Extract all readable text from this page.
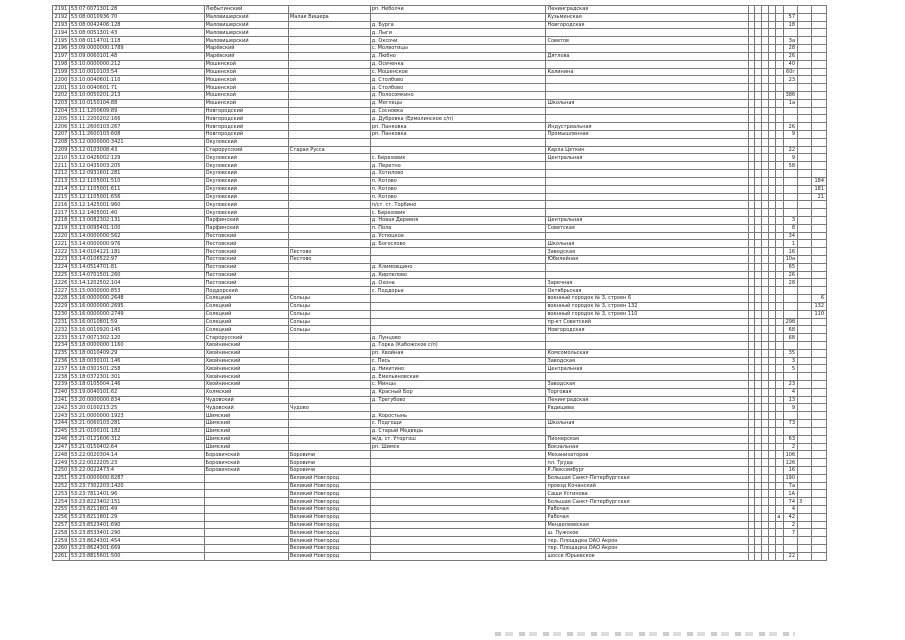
2191	53:07:0071301:28	Любытинский		рп. Неболчи	Ленинградская								
2192	53:08:0010936:70	Маловишерский	Малая Вишера		Кузьминская						57		
2193	53:08:0042406:128	Маловишерский		д. Бурга	Новгородская						18		
2194	53:08:0051301:43	Маловишерский		д. Лыги									
2195	53:08:0114701:118	Маловишерский		д. Оксочи	Советов						3а		
2196	53:09:0000000:1789	Марёвский		с. Молвотицы							28		
2197	53:09:0060101:48	Марёвский		д. Любно	Дятлова						26		
2198	53:10:0000000:212	Мошенской		д. Осеченка							40		
2199	53:10:0010103:54	Мошенской		с. Мошенское	Калинина						60г		
2200	53:10:0040601:110	Мошенской		д. Столбово							23		
2201	53:10:0040601:71	Мошенской		д. Столбово									
2202	53:10:0050201:213	Мошенской		д. Полосомкино							38б		
2203	53:10:0150104:88	Мошенской		д. Меглецы	Школьная						1а		
2204	53:11:1200609:89	Новгородский		д. Сосновка									
2205	53:11:2200202:166	Новгородский		д. Дубровка (Ермолинское с/п)									
2206	53:11:2600103:267	Новгородский		рп. Панковка	Индустриальная						26		
2207	53:11:2600103:608	Новгородский		рп. Панковка	Промышленная						9		
2208	53:12:0000000:3421	Окуловский											
2209	53:12:0103008:43	Старорусский	Старая Русса		Карла Цеткин						22		
2210	53:12:0426002:129	Окуловский		с. Березовик	Центральная						9		
2211	53:12:0435003:205	Окуловский		д. Перетно							58		
2212	53:12:0931601:281	Окуловский		д. Хотилово									
2213	53:12:1105001:510	Окуловский		п. Котово									184
2214	53:12:1105001:611	Окуловский		п. Котово									181
2215	53:12:1105001:656	Окуловский		п. Котово									21
2216	53:12:1425001:960	Окуловский		п/ст. ст. Торбино									
2217	53:12:1405001:40	Окуловский		с. Березовик									
2218	53:13:0082302:131	Парфинский		д. Новая Деревня	Центральная						3		
2219	53:13:0095401:100	Парфинский		п. Пола	Советская						8		
2220	53:14:0000000:562	Пестовский		д. Устюцкое							34		
2221	53:14:0000000:976	Пестовский		д. Богослово	Школьная						1		
2222	53:14:0104121:181	Пестовский	Пестово		Заводская						16		
2223	53:14:0106522:97	Пестовский	Пестово		Юбилейная						10а		
2224	53:14:0514701:81	Пестовский		д. Климовщино							65		
2225	53:14:0701501:260	Пестовский		д. Кирпелово							26		
2226	53:14:1202502:104	Пестовский		д. Охона	Заречная						28		
2227	53:15:0000000:853	Поддорский		с. Поддорье	Октябрьская								
2228	53:16:0000000:2648	Солецкий	Сольцы		военный городок № 3, строен 6								6
2229	53:16:0000000:2695	Солецкий	Сольцы		военный городок № 3, строен 132								132
2230	53:16:0000000:2749	Солецкий	Сольцы		военный городок № 3, строен 110								110
2231	53:16:0010801:59	Солецкий	Сольцы		пр-кт Советский						29б		
2232	53:16:0010920:145	Солецкий	Сольцы		Новгородская						68		
2233	53:17:0071302:120	Старорусский		д. Лунцово							68		
2234	53:18:0000000:1160	Хвойнинский		д. Горка (Кабожское с/п)									
2235	53:18:0010409:29	Хвойнинский		рп. Хвойная	Комсомольская						35		
2236	53:18:0030101:146	Хвойнинский		с. Песь	Заводская						3		
2237	53:18:0301501:258	Хвойнинский		д. Никитино	Центральная						5		
2238	53:18:0372301:301	Хвойнинский		д. Емельяновская									
2239	53:18:0105004:146	Хвойнинский		с. Минцы	Заводская						23		
2240	53:19:0040101:62	Холмский		д. Красный Бор	Торговая						4		
2241	53:20:0000000:834	Чудовский		д. Трегубово	Ленинградская						13		
2242	53:20:0100213:25	Чудовский	Чудово		Радищева						9		
2243	53:21:0000000:1923	Шимский		д. Коростынь									
2244	53:21:0060103:281	Шимский		с. Подгощи	Школьная						73		
2245	53:21:0100101:182	Шимский		д. Старый Медведь									
2246	53:21:0121606:312	Шимский		ж/д. ст. Уторгош	Пионерская						63		
2247	53:21:0150402:64	Шимский		рп. Шимск	Вокзальная						2		
2248	53:22:0020304:14	Боровичский	Боровичи		Механизаторов						10б		
2249	53:22:0022205:23	Боровичский	Боровичи		пл. Труда						12б		
2250	53:22:0022473:4	Боровичский	Боровичи		Р.Люксембург						16		
2251	53:23:0000000:8287		Великий Новгород		Большая Санкт-Петербургская						190		
2252	53:23:7302203:1420		Великий Новгород		проезд Кочанский						7а		
2253	53:23:7811401:96		Великий Новгород		Саши Устинова						1А		
2254	53:23:8223402:151		Великий Новгород		Большая Санкт-Петербургская						74	3	
2255	53:23:8211801:49		Великий Новгород		Рабочая						4		
2256	53:23:8211801:29		Великий Новгород		Рабочая					а	42		
2257	53:23:8523401:690		Великий Новгород		Менделеевская						2		
2258	53:23:8533401:290		Великий Новгород		ш. Лужское						7		
2259	53:23:8624301:454		Великий Новгород		тер. Площадка ОАО Акрон								
2260	53:23:8624301:669		Великий Новгород		тер. Площадка ОАО Акрон								
2261	53:23:8815601:500		Великий Новгород		шоссе Юрьевское						22		
